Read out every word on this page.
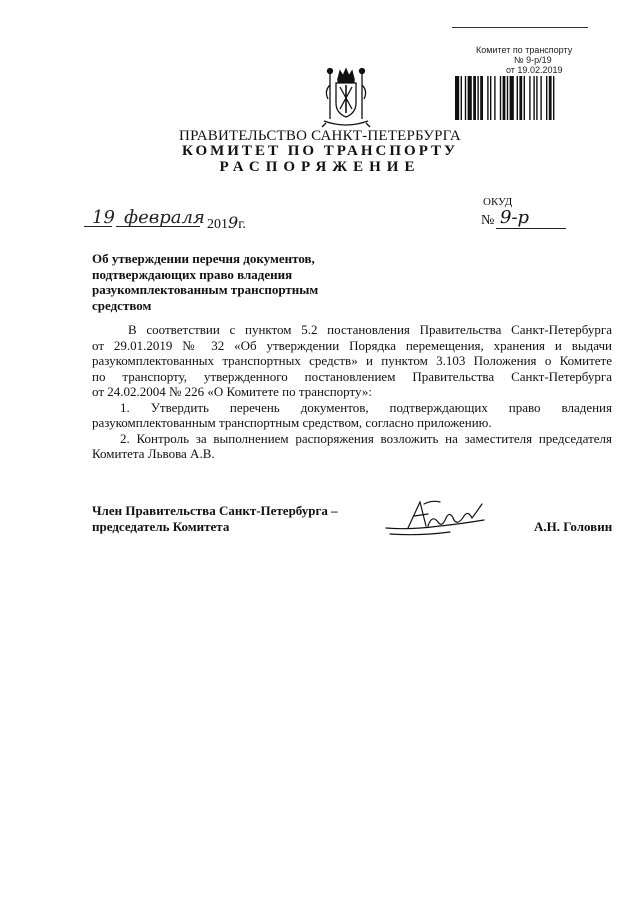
Комитет по транспорту
№ 9-р/19
от 19.02.2019
ПРАВИТЕЛЬСТВО САНКТ-ПЕТЕРБУРГА
КОМИТЕТ ПО ТРАНСПОРТУ
РАСПОРЯЖЕНИЕ
ОКУД
19 февраля 2019г.	№ 9-р
Об утверждении перечня документов,
подтверждающих право владения
разукомплектованным транспортным
средством
В соответствии с пунктом 5.2 постановления Правительства Санкт-Петербурга
от 29.01.2019 № 32 «Об утверждении Порядка перемещения, хранения и выдачи
разукомплектованных транспортных средств» и пунктом 3.103 Положения о Комитете
по транспорту, утвержденного постановлением Правительства Санкт-Петербурга
от 24.02.2004 № 226 «О Комитете по транспорту»:
1. Утвердить перечень документов, подтверждающих право владения
разукомплектованным транспортным средством, согласно приложению.
2. Контроль за выполнением распоряжения возложить на заместителя председателя
Комитета Львова А.В.
Член Правительства Санкт-Петербурга –
председатель Комитета	А.Н. Головин
